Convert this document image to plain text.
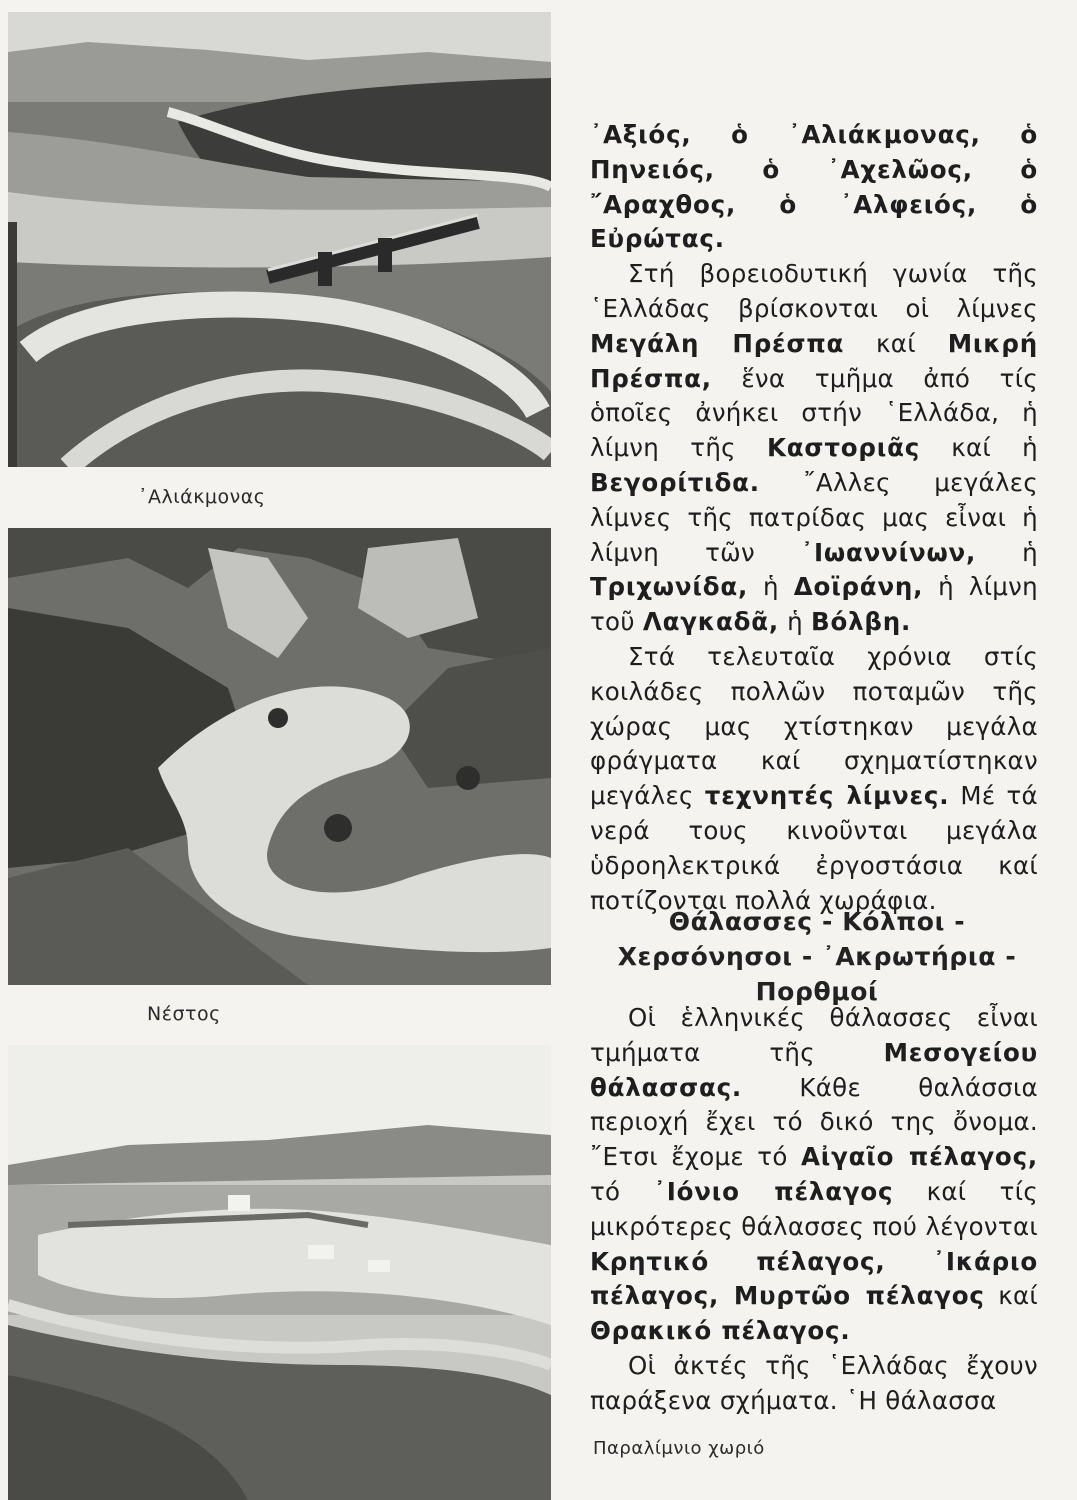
᾿Αλιάκμονας
Νέστος
Παραλίμνιο χωριό

᾿Αξιός, ὁ ᾿Αλιάκμονας, ὁ Πηνειός, ὁ ᾿Αχελῶος, ὁ ῎Αραχθος, ὁ ᾿Αλφειός, ὁ Εὐρώτας.

Στή βορειοδυτική γωνία τῆς ῾Ελλάδας βρίσκονται οἱ λίμνες Μεγάλη Πρέσπα καί Μικρή Πρέσπα, ἕνα τμῆμα ἀπό τίς ὁποῖες ἀνήκει στήν ῾Ελλάδα, ἡ λίμνη τῆς Καστοριᾶς καί ἡ Βεγορίτιδα. ῎Αλλες μεγάλες λίμνες τῆς πατρίδας μας εἶναι ἡ λίμνη τῶν ᾿Ιωαννίνων, ἡ Τριχωνίδα, ἡ Δοϊράνη, ἡ λίμνη τοῦ Λαγκαδᾶ, ἡ Βόλβη.

Στά τελευταῖα χρόνια στίς κοιλάδες πολλῶν ποταμῶν τῆς χώρας μας χτίστηκαν μεγάλα φράγματα καί σχηματίστηκαν μεγάλες τεχνητές λίμνες. Μέ τά νερά τους κινοῦνται μεγάλα ὑδροηλεκτρικά ἐργοστάσια καί ποτίζονται πολλά χωράφια.

Θάλασσες - Κόλποι - Χερσόνησοι - ᾿Ακρωτήρια - Πορθμοί

Οἱ ἑλληνικές θάλασσες εἶναι τμήματα τῆς Μεσογείου θάλασσας. Κάθε θαλάσσια περιοχή ἔχει τό δικό της ὄνομα. ῎Ετσι ἔχομε τό Αἰγαῖο πέλαγος, τό ᾿Ιόνιο πέλαγος καί τίς μικρότερες θάλασσες πού λέγονται Κρητικό πέλαγος, ᾿Ικάριο πέλαγος, Μυρτῶο πέλαγος καί Θρακικό πέλαγος.

Οἱ ἀκτές τῆς ῾Ελλάδας ἔχουν παράξενα σχήματα. ῾Η θάλασσα
